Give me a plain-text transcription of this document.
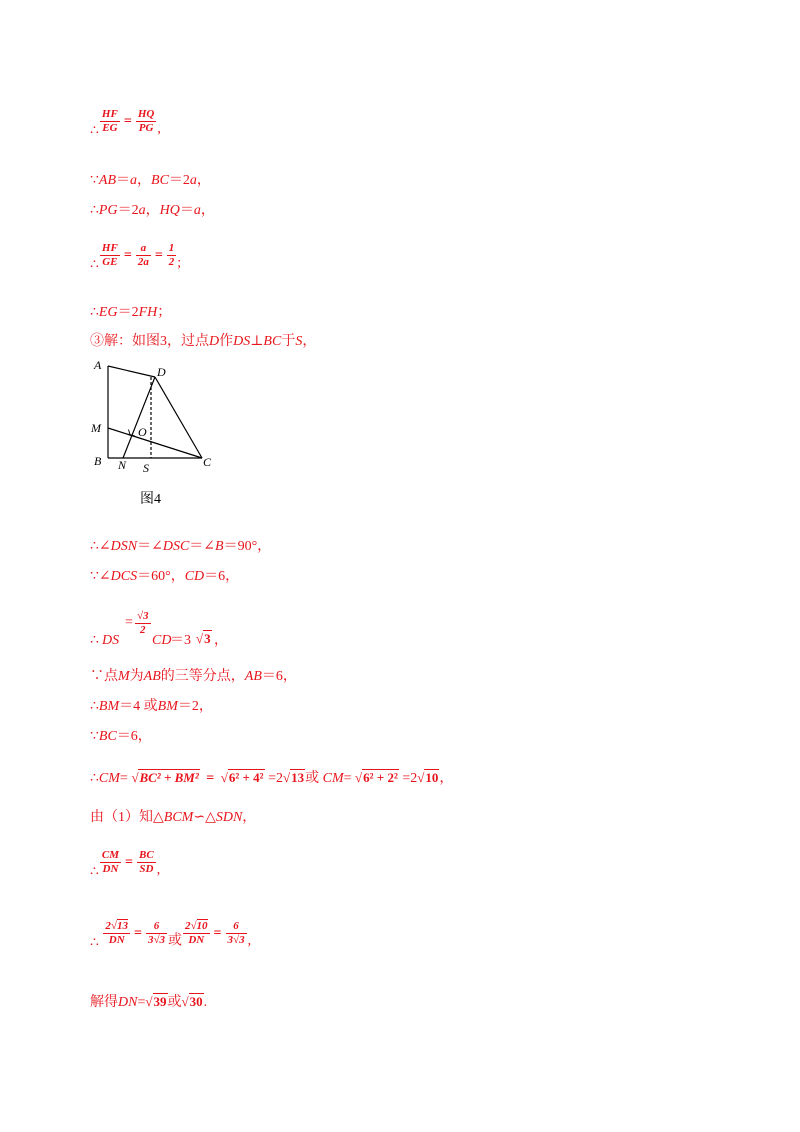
∴ $\frac{HF}{EG} = \frac{HQ}{PG}$ ,
∵AB＝a，BC＝2a，
∴PG＝2a，HQ＝a，
∴ $\frac{HF}{GE} = \frac{a}{2a} = \frac{1}{2}$ ;
∴EG＝2FH；
③解：如图3，过点D作DS⊥BC于S，
A	D
M	O
B N S	C
图4
∴∠DSN＝∠DSC＝∠B＝90°，
∵∠DCS＝60°，CD＝6，
∴ DS
= $\frac{√3}{2}$
CD
＝3 √3 ，
∵点M为AB的三等分点，AB＝6，
∴BM＝4 或BM＝2，
∵BC＝6，
∴CM= √BC² + BM² = √6² + 4² =2√13或 CM= √6² + 2² =2√10，
由（1）知△BCM∽△SDN，
∴ $\frac{CM}{DN} = \frac{BC}{SD}$ ,
∴ $\frac{2√13}{DN} = \frac{6}{3√3}$ 或 $\frac{2√10}{DN} = \frac{6}{3√3}$ ,
解得DN=√39或√30.
